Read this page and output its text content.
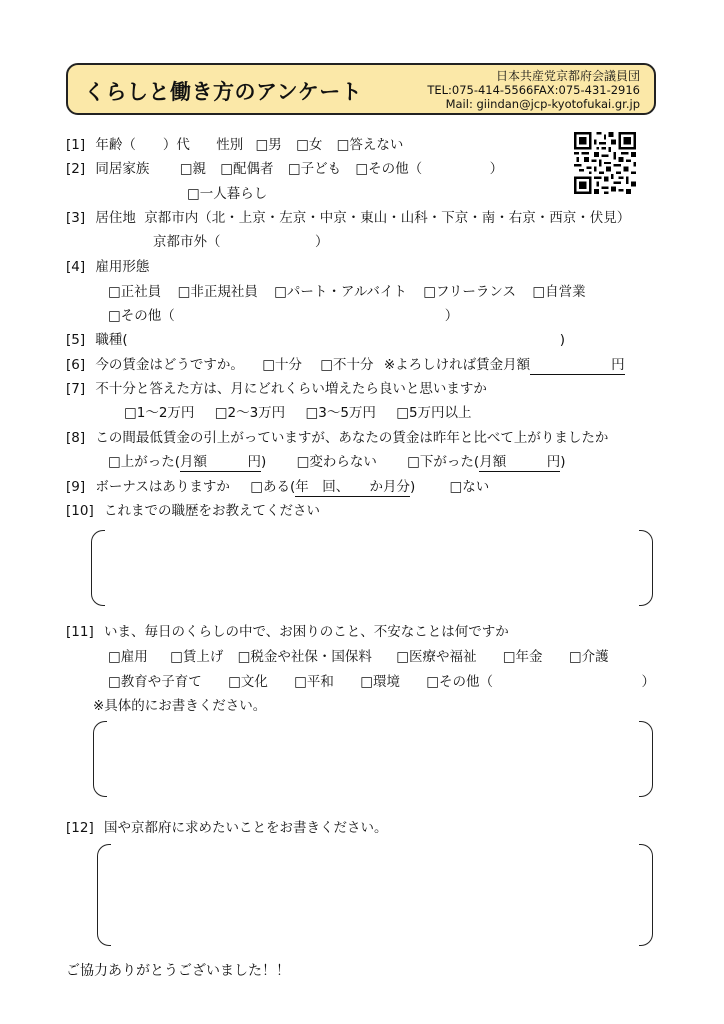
くらしと働き方のアンケート
日本共産党京都府会議員団
TEL:075-414-5566FAX:075-431-2916
Mail: giindan@jcp-kyotofukai.gr.jp
[1] 年齢（　　）代 性別 □男 □女 □答えない
[2] 同居家族 □親 □配偶者 □子ども □その他（　　　　　）
□一人暮らし
[3] 居住地 京都市内（北・上京・左京・中京・東山・山科・下京・南・右京・西京・伏見）
京都市外（　　　　　　　）
[4] 雇用形態
□正社員 □非正規社員 □パート・アルバイト □フリーランス □自営業
□その他（　　　　　　　　　　　　　　　　　　　　）
[5] 職種(　　　　　　　　　　　　　　　　　　　　　　　　　　　　　　　　)
[6] 今の賃金はどうですか。 □十分 □不十分 ※よろしければ賃金月額　　　　　　円
[7] 不十分と答えた方は、月にどれくらい増えたら良いと思いますか
□1～2万円 □2～3万円 □3～5万円 □5万円以上
[8] この間最低賃金の引上がっていますが、あなたの賃金は昨年と比べて上がりましたか
□上がった(月額　　　円) □変わらない □下がった(月額　　　円)
[9] ボーナスはありますか □ある(年　回、　　か月分)	□ない
[10] これまでの職歴をお教えてください
[11] いま、毎日のくらしの中で、お困りのこと、不安なことは何ですか
□雇用 □賃上げ □税金や社保・国保料 □医療や福祉 □年金 □介護
□教育や子育て □文化 □平和 □環境 □その他（　　　　　　　　　　　）
※具体的にお書きください。
[12] 国や京都府に求めたいことをお書きください。
ご協力ありがとうございました！！
